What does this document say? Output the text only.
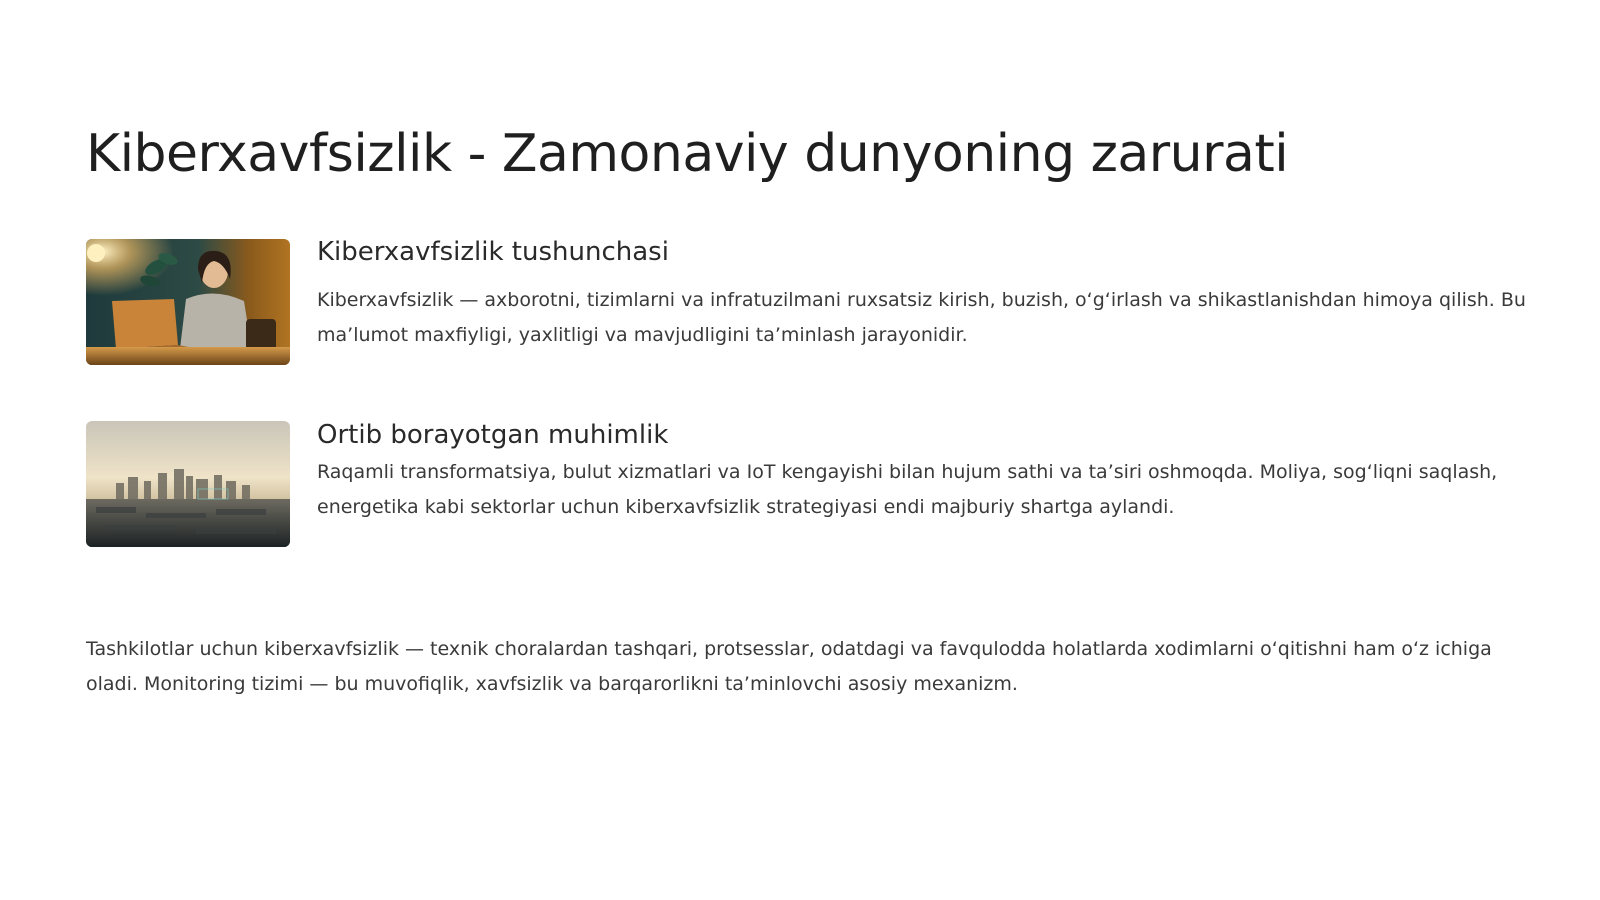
Kiberxavfsizlik - Zamonaviy dunyoning zarurati
Kiberxavfsizlik tushunchasi

Kiberxavfsizlik — axborotni, tizimlarni va infratuzilmani ruxsatsiz kirish, buzish, o‘g‘irlash va shikastlanishdan himoya qilish. Bu ma’lumot maxfiyligi, yaxlitligi va mavjudligini ta’minlash jarayonidir.

Ortib borayotgan muhimlik

Raqamli transformatsiya, bulut xizmatlari va IoT kengayishi bilan hujum sathi va ta’siri oshmoqda. Moliya, sog‘liqni saqlash, energetika kabi sektorlar uchun kiberxavfsizlik strategiyasi endi majburiy shartga aylandi.

Tashkilotlar uchun kiberxavfsizlik — texnik choralardan tashqari, protsesslar, odatdagi va favqulodda holatlarda xodimlarni o‘qitishni ham o‘z ichiga oladi. Monitoring tizimi — bu muvofiqlik, xavfsizlik va barqarorlikni ta’minlovchi asosiy mexanizm.
